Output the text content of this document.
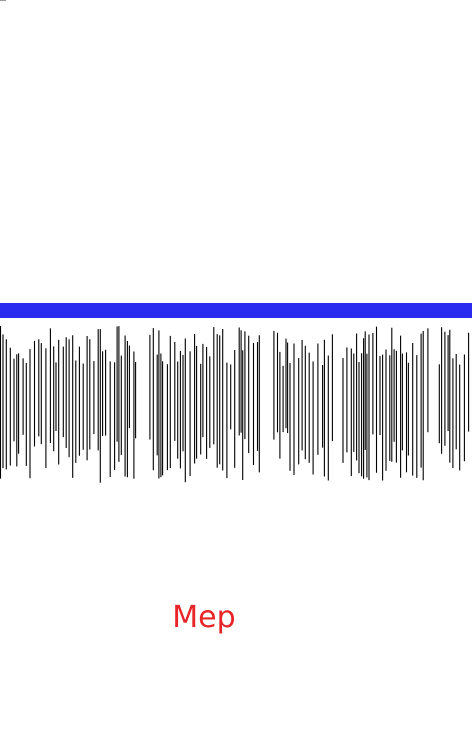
Мер
